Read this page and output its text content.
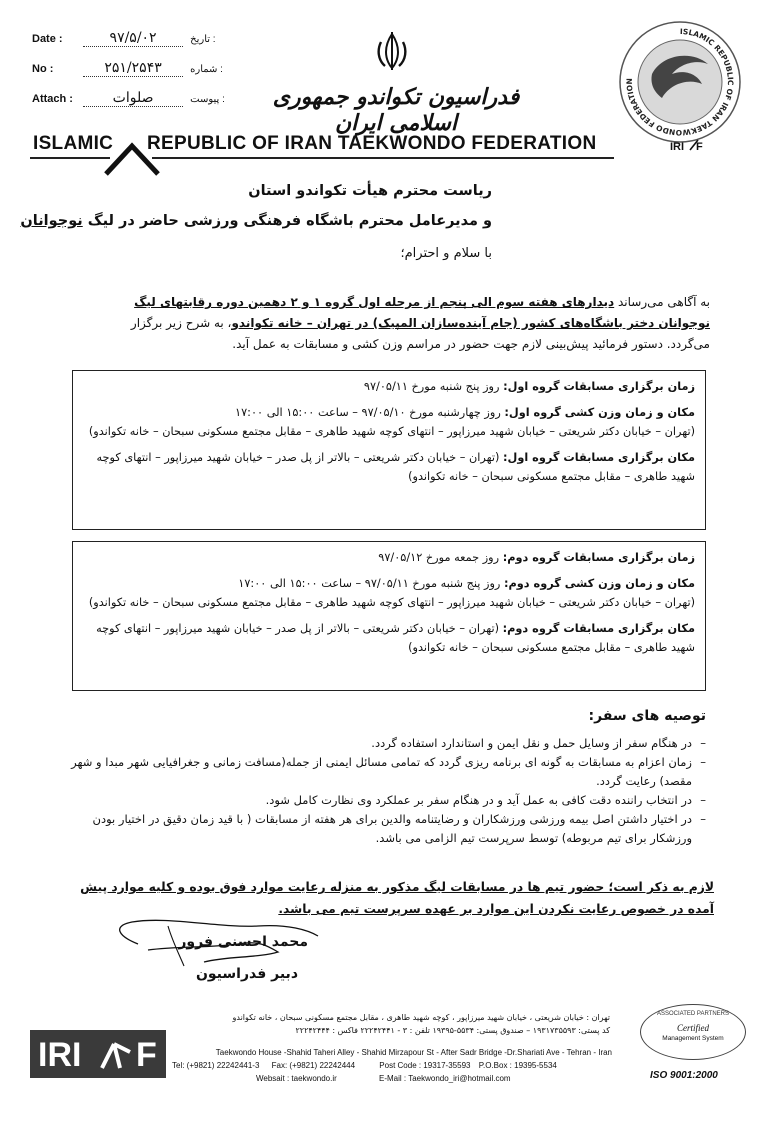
Date :	۹۷/۵/۰۲	تاریخ :
No :	۲۵۱/۲۵۴۳	شماره :
Attach :	صلوات	پیوست :	فدراسیون تکواندو جمهوری اسلامی ایران
ISLAMIC REPUBLIC OF IRAN TAEKWONDO FEDERATION
IRI F
ISLAMIC REPUBLIC OF IRAN TAEKWONDO FEDERATION
ریاست محترم هیأت تکواندو استان
و مدیرعامل محترم باشگاه فرهنگی ورزشی حاضر در لیگ نوجوانان
با سلام و احترام؛
به آگاهی می‌رساند دیدارهای هفته سوم الی پنجم از مرحله اول گروه ۱ و ۲ دهمین دوره رقابتهای لیگ
نوجوانان دختر باشگاه‌های کشور (جام آینده‌سازان المپیک) در تهران – خانه تکواندو، به شرح زیر برگزار
می‌گردد. دستور فرمائید پیش‌بینی لازم جهت حضور در مراسم وزن کشی و مسابقات به عمل آید.

زمان برگزاری مسابقات گروه اول: روز پنج شنبه مورخ ۹۷/۰۵/۱۱

مکان و زمان وزن کشی گروه اول: روز چهارشنبه مورخ ۹۷/۰۵/۱۰ – ساعت ۱۵:۰۰ الی ۱۷:۰۰

(تهران – خیابان دکتر شریعتی – خیابان شهید میرزاپور – انتهای کوچه شهید طاهری – مقابل مجتمع مسکونی سبحان – خانه تکواندو)

مکان برگزاری مسابقات گروه اول: (تهران – خیابان دکتر شریعتی – بالاتر از پل صدر – خیابان شهید میرزاپور – انتهای کوچه شهید طاهری – مقابل مجتمع مسکونی سبحان – خانه تکواندو)

زمان برگزاری مسابقات گروه دوم: روز جمعه مورخ ۹۷/۰۵/۱۲

مکان و زمان وزن کشی گروه دوم: روز پنج شنبه مورخ ۹۷/۰۵/۱۱ – ساعت ۱۵:۰۰ الی ۱۷:۰۰

(تهران – خیابان دکتر شریعتی – خیابان شهید میرزاپور – انتهای کوچه شهید طاهری – مقابل مجتمع مسکونی سبحان – خانه تکواندو)

مکان برگزاری مسابقات گروه دوم: (تهران – خیابان دکتر شریعتی – بالاتر از پل صدر – خیابان شهید میرزاپور – انتهای کوچه شهید طاهری – مقابل مجتمع مسکونی سبحان – خانه تکواندو)

توصیه های سفر:
– در هنگام سفر از وسایل حمل و نقل ایمن و استاندارد استفاده گردد.
– زمان اعزام به مسابقات به گونه ای برنامه ریزی گردد که تمامی مسائل ایمنی از جمله(مسافت زمانی و جغرافیایی شهر مبدا و شهر مقصد) رعایت گردد.
– در انتخاب راننده دقت کافی به عمل آید و در هنگام سفر بر عملکرد وی نظارت کامل شود.
– در اختیار داشتن اصل بیمه ورزشی ورزشکاران و رضایتنامه والدین برای هر هفته از مسابقات ( با قید زمان دقیق در اختیار بودن ورزشکار برای تیم مربوطه) توسط سرپرست تیم الزامی می باشد.
لازم به ذکر است؛ حضور تیم ها در مسابقات لیگ مذکور به منزله رعایت موارد فوق بوده و کلیه موارد پیش
آمده در خصوص رعایت نکردن این موارد بر عهده سرپرست تیم می باشد.
محمد احسنی فرور
دبیر فدراسیون
تهران : خیابان شریعتی ، خیابان شهید میرزاپور ، کوچه شهید طاهری ، مقابل مجتمع مسکونی سبحان ، خانه تکواندو
کد پستی: ۱۹۳۱۷۳۵۵۹۳ – صندوق پستی: ۵۵۳۴-۱۹۳۹۵ تلفن : ۳ - ۲۲۲۴۲۴۴۱ فاکس : ۲۲۲۴۲۴۴۴
IRI F	Taekwondo House -Shahid Taheri Alley - Shahid Mirzapour St - After Sadr Bridge -Dr.Shariati Ave - Tehran - Iran
Tel: (+9821) 22242441-3 Fax: (+9821) 22242444	Post Code : 19317-35593 P.O.Box : 19395-5534
Websait : taekwondo.ir	E-Mail : Taekwondo_iri@hotmail.com
ASSOCIATED PARTNERS
Certified
Management System
ISO 9001:2000
